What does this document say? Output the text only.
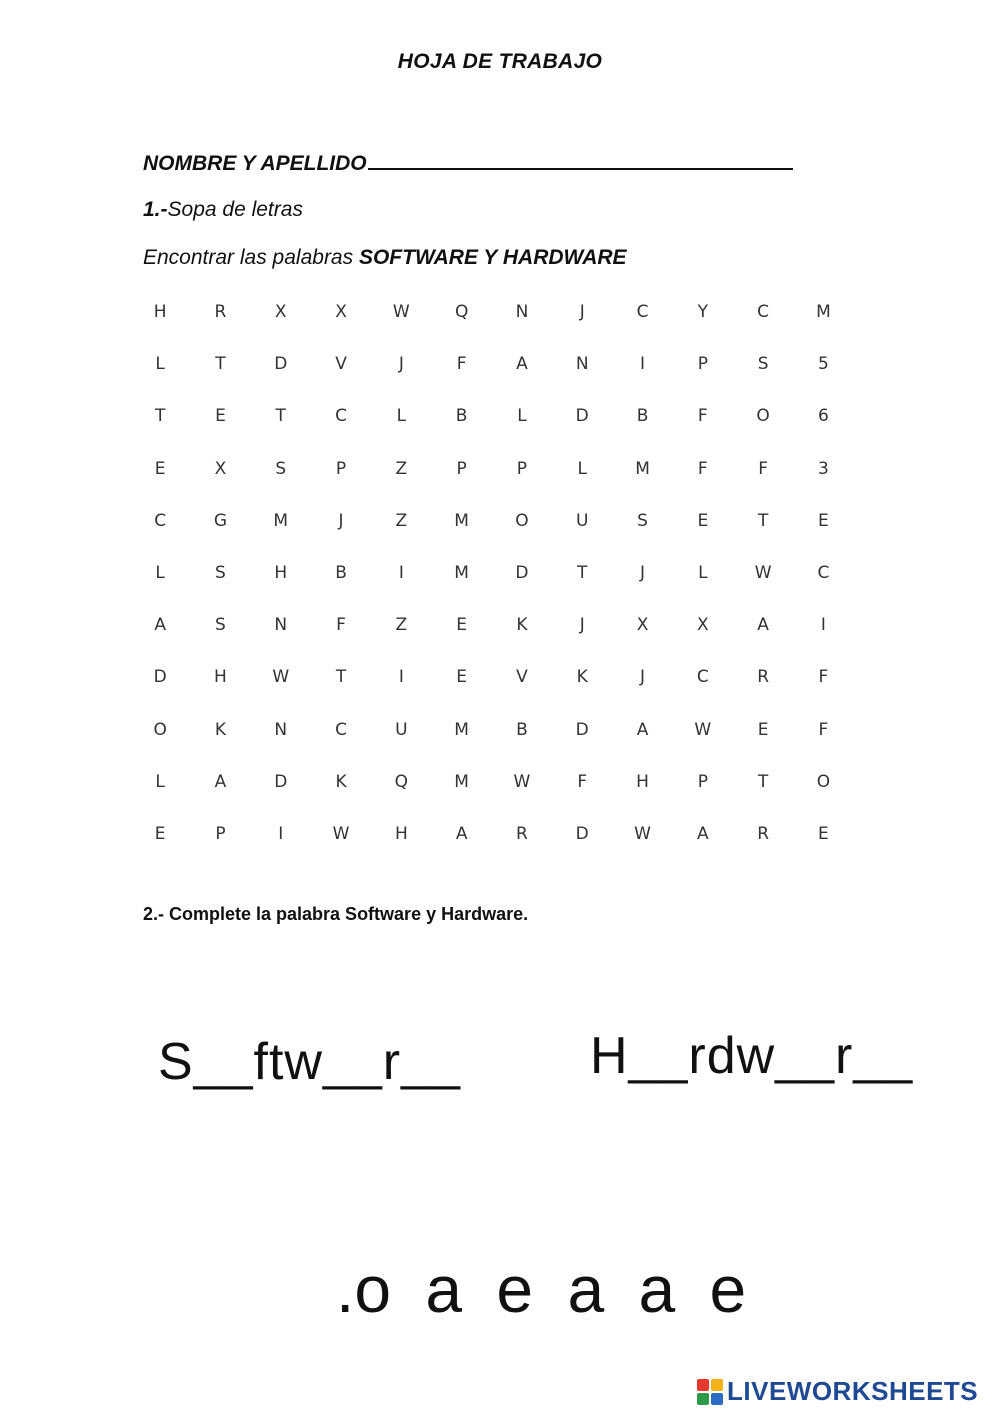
HOJA DE TRABAJO
NOMBRE Y APELLIDO
1.-Sopa de letras
Encontrar las palabras SOFTWARE Y HARDWARE
H	R	X	X	W	Q	N	J	C	Y	C	M
L	T	D	V	J	F	A	N	I	P	S	5
T	E	T	C	L	B	L	D	B	F	O	6
E	X	S	P	Z	P	P	L	M	F	F	3
C	G	M	J	Z	M	O	U	S	E	T	E
L	S	H	B	I	M	D	T	J	L	W	C
A	S	N	F	Z	E	K	J	X	X	A	I
D	H	W	T	I	E	V	K	J	C	R	F
O	K	N	C	U	M	B	D	A	W	E	F
L	A	D	K	Q	M	W	F	H	P	T	O
E	P	I	W	H	A	R	D	W	A	R	E
2.- Complete la palabra Software y Hardware.
S__ftw__r__ H__rdw__r__
.o a e a a e
LIVEWORKSHEETS
